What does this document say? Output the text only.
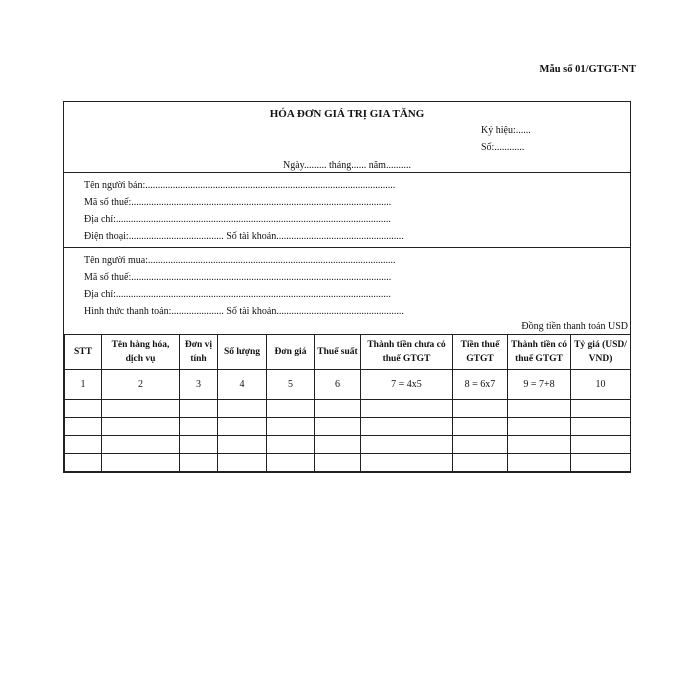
Mẫu số 01/GTGT-NT
HÓA ĐƠN GIÁ TRỊ GIA TĂNG
Ký hiệu:......
Số:............
Ngày......... tháng...... năm..........
Tên người bán:....................................................................................................
Mã số thuế:........................................................................................................
Địa chỉ:..............................................................................................................
Điện thoại:...................................... Số tài khoản...................................................
Tên người mua:...................................................................................................
Mã số thuế:........................................................................................................
Địa chỉ:..............................................................................................................
Hình thức thanh toán:..................... Số tài khoản...................................................
Đồng tiền thanh toán USD
STT	Tên hàng hóa, dịch vụ	Đơn vị tính	Số lượng	Đơn giá	Thuế suất	Thành tiền chưa có thuế GTGT	Tiền thuế GTGT	Thành tiền có thuế GTGT	Tỷ giá (USD/ VND)
1	2	3	4	5	6	7 = 4x5	8 = 6x7	9 = 7+8	10
